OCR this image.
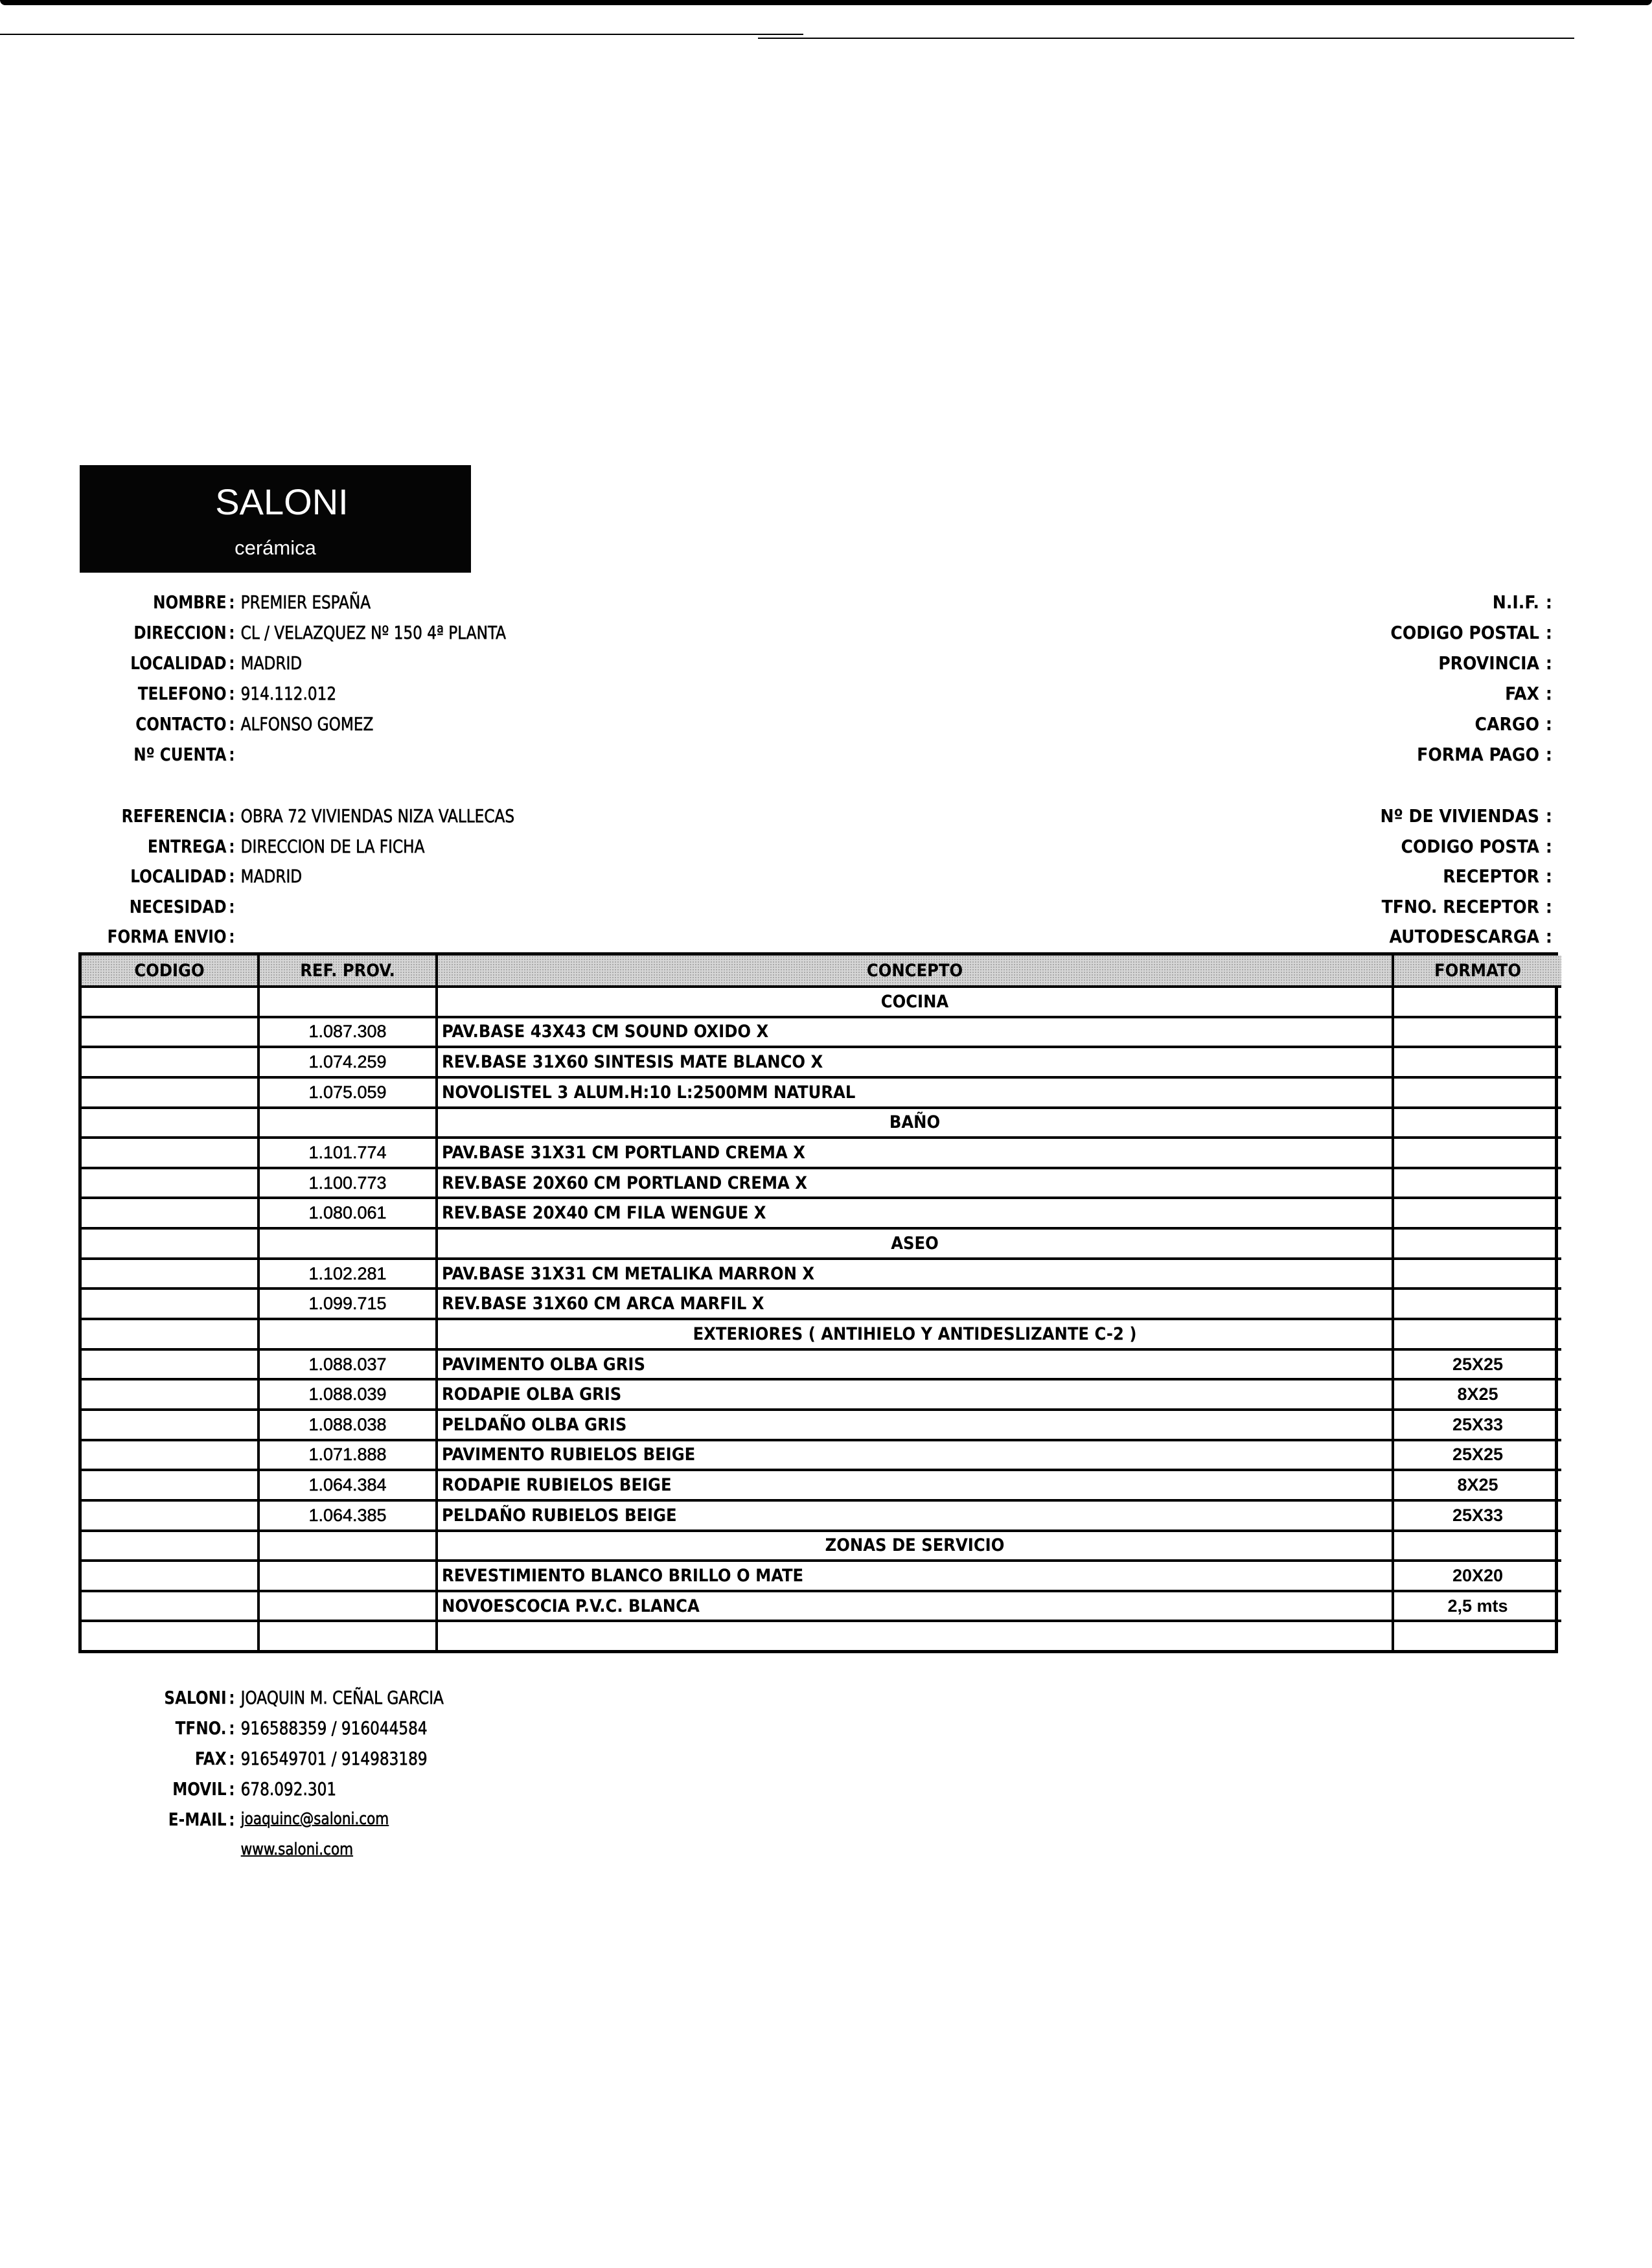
SALONI
cerámica
NOMBRE : PREMIER ESPAÑA
DIRECCION : CL / VELAZQUEZ Nº 150 4ª PLANTA
LOCALIDAD : MADRID
TELEFONO : 914.112.012
CONTACTO : ALFONSO GOMEZ
Nº CUENTA :
N.I.F. :
CODIGO POSTAL :
PROVINCIA :
FAX :
CARGO :
FORMA PAGO :
REFERENCIA : OBRA 72 VIVIENDAS NIZA VALLECAS
ENTREGA : DIRECCION DE LA FICHA
LOCALIDAD : MADRID
NECESIDAD :
FORMA ENVIO :
Nº DE VIVIENDAS :
CODIGO POSTA :
RECEPTOR :
TFNO. RECEPTOR :
AUTODESCARGA :
CODIGO	REF. PROV.	CONCEPTO	FORMATO
		COCINA	
	1.087.308	PAV.BASE 43X43 CM SOUND OXIDO X	
	1.074.259	REV.BASE 31X60 SINTESIS MATE BLANCO X	
	1.075.059	NOVOLISTEL 3 ALUM.H:10 L:2500MM NATURAL	
		BAÑO	
	1.101.774	PAV.BASE 31X31 CM PORTLAND CREMA X	
	1.100.773	REV.BASE 20X60 CM PORTLAND CREMA X	
	1.080.061	REV.BASE 20X40 CM FILA WENGUE X	
		ASEO	
	1.102.281	PAV.BASE 31X31 CM METALIKA MARRON X	
	1.099.715	REV.BASE 31X60 CM ARCA MARFIL X	
		EXTERIORES ( ANTIHIELO Y ANTIDESLIZANTE C-2 )	
	1.088.037	PAVIMENTO OLBA GRIS	25X25
	1.088.039	RODAPIE OLBA GRIS	8X25
	1.088.038	PELDAÑO OLBA GRIS	25X33
	1.071.888	PAVIMENTO RUBIELOS BEIGE	25X25
	1.064.384	RODAPIE RUBIELOS BEIGE	8X25
	1.064.385	PELDAÑO RUBIELOS BEIGE	25X33
		ZONAS DE SERVICIO	
		REVESTIMIENTO BLANCO BRILLO O MATE	20X20
		NOVOESCOCIA P.V.C. BLANCA	2,5 mts

SALONI : JOAQUIN M. CEÑAL GARCIA
TFNO. : 916588359 / 916044584
FAX : 916549701 / 914983189
MOVIL : 678.092.301
E-MAIL : joaquinc@saloni.com
www.saloni.com
